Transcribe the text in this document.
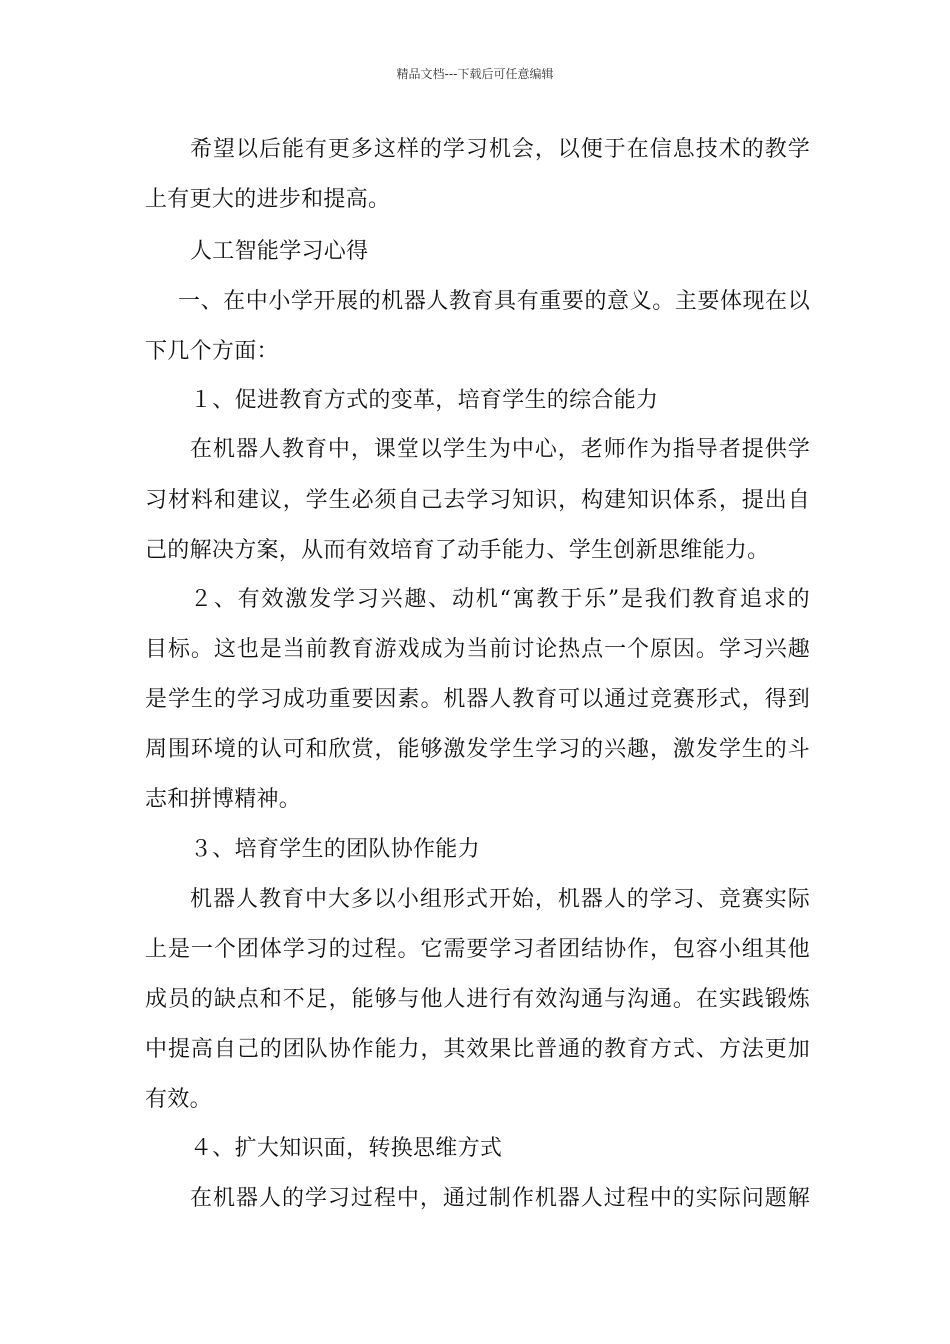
精品文档---下载后可任意编辑
希望以后能有更多这样的学习机会，以便于在信息技术的教学
上有更大的进步和提高。
人工智能学习心得
一、在中小学开展的机器人教育具有重要的意义。主要体现在以
下几个方面：
１、促进教育方式的变革，培育学生的综合能力
在机器人教育中，课堂以学生为中心，老师作为指导者提供学
习材料和建议，学生必须自己去学习知识，构建知识体系，提出自
己的解决方案，从而有效培育了动手能力、学生创新思维能力。
２、有效激发学习兴趣、动机“寓教于乐”是我们教育追求的
目标。这也是当前教育游戏成为当前讨论热点一个原因。学习兴趣
是学生的学习成功重要因素。机器人教育可以通过竞赛形式，得到
周围环境的认可和欣赏，能够激发学生学习的兴趣，激发学生的斗
志和拼博精神。
３、培育学生的团队协作能力
机器人教育中大多以小组形式开始，机器人的学习、竞赛实际
上是一个团体学习的过程。它需要学习者团结协作，包容小组其他
成员的缺点和不足，能够与他人进行有效沟通与沟通。在实践锻炼
中提高自己的团队协作能力，其效果比普通的教育方式、方法更加
有效。
４、扩大知识面，转换思维方式
在机器人的学习过程中，通过制作机器人过程中的实际问题解
